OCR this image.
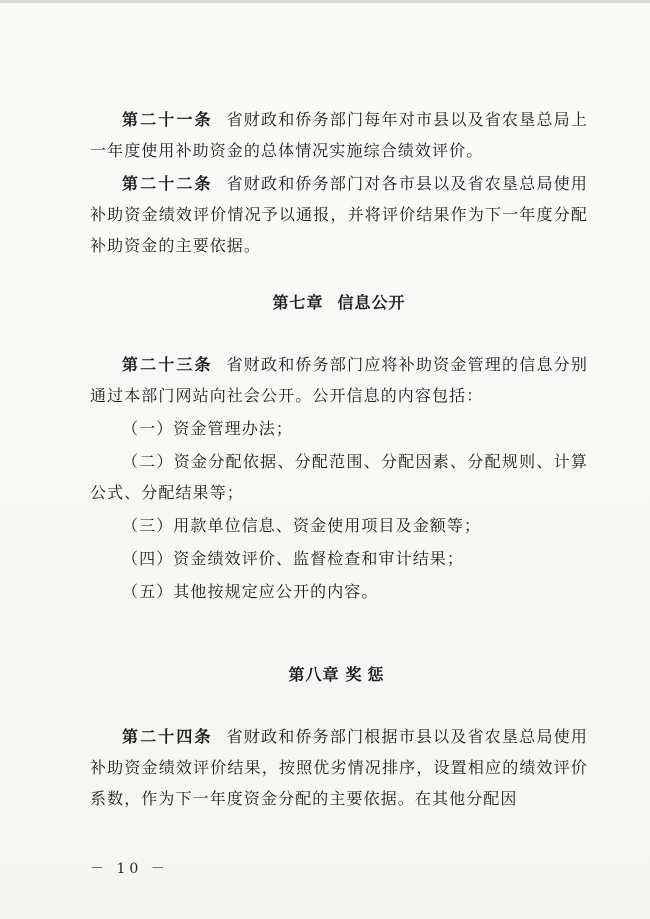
第二十一条 省财政和侨务部门每年对市县以及省农垦总局上一年度使用补助资金的总体情况实施综合绩效评价。

第二十二条 省财政和侨务部门对各市县以及省农垦总局使用补助资金绩效评价情况予以通报，并将评价结果作为下一年度分配补助资金的主要依据。

第七章 信息公开

第二十三条 省财政和侨务部门应将补助资金管理的信息分别通过本部门网站向社会公开。公开信息的内容包括：

（一）资金管理办法；

（二）资金分配依据、分配范围、分配因素、分配规则、计算公式、分配结果等；

（三）用款单位信息、资金使用项目及金额等；

（四）资金绩效评价、监督检查和审计结果；

（五）其他按规定应公开的内容。

第八章 奖惩

第二十四条 省财政和侨务部门根据市县以及省农垦总局使用补助资金绩效评价结果，按照优劣情况排序，设置相应的绩效评价系数，作为下一年度资金分配的主要依据。在其他分配因

－ 10 －
